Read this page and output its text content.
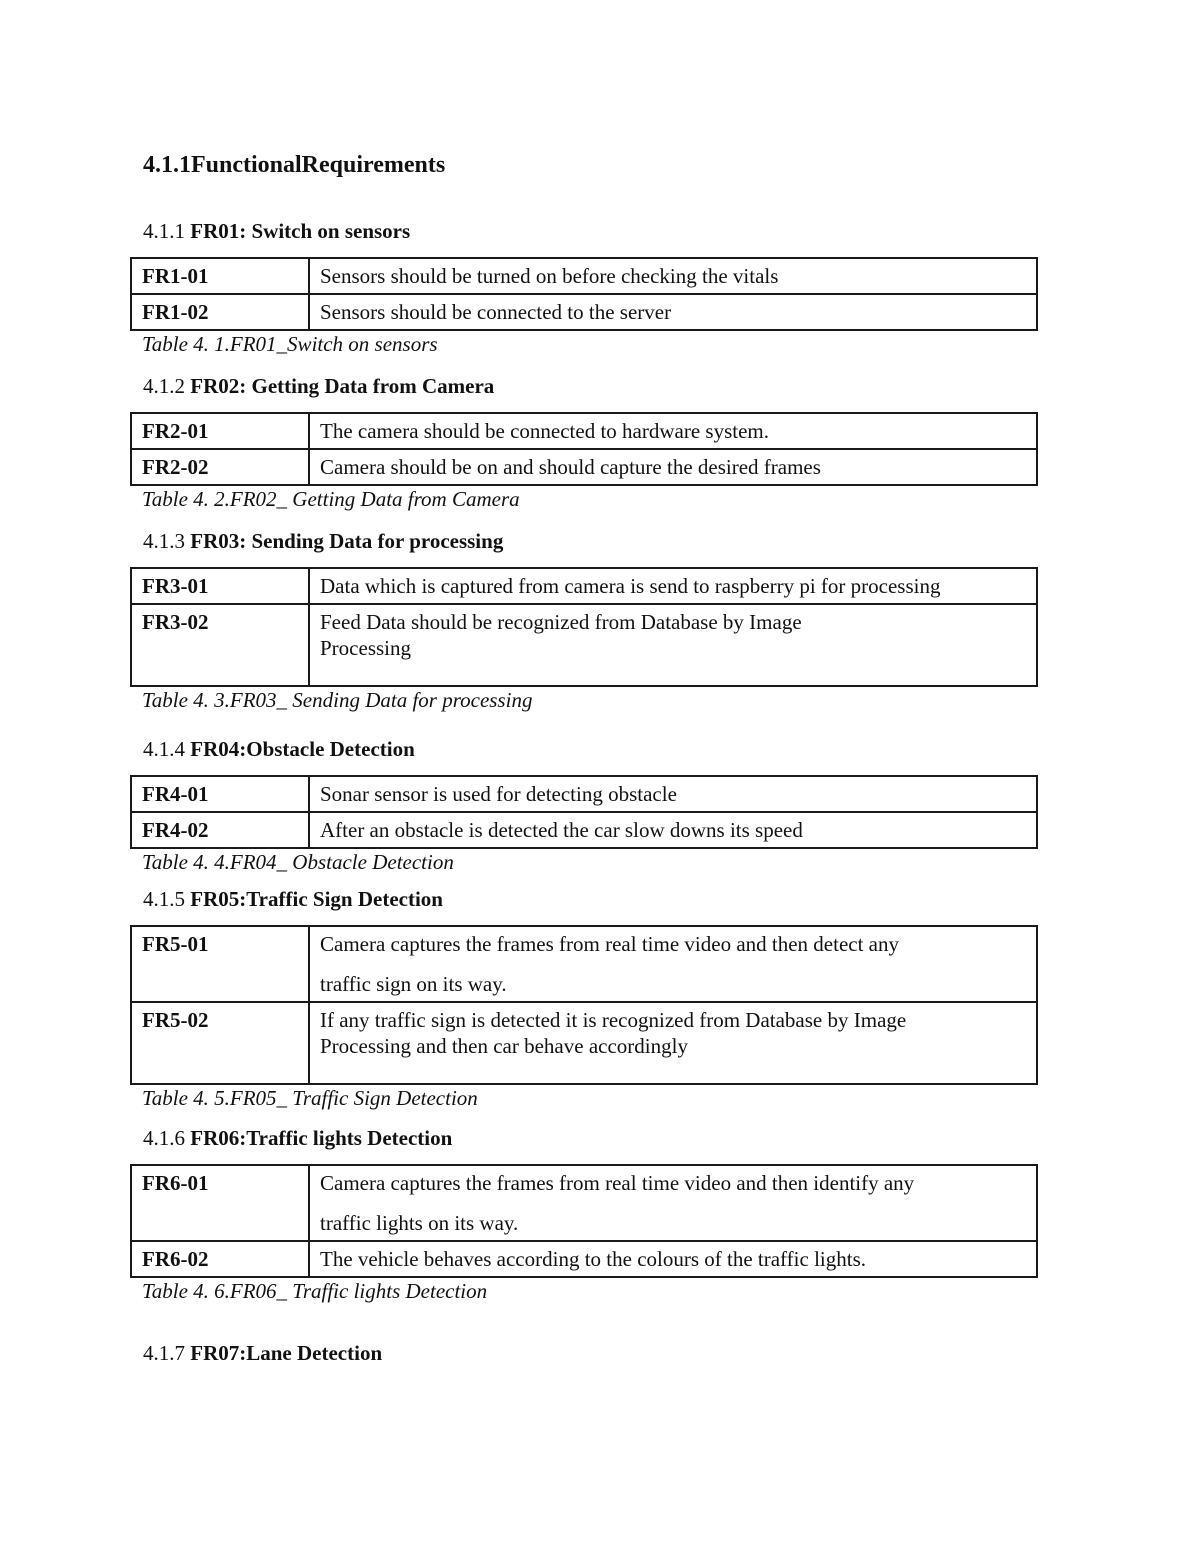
4.1.1FunctionalRequirements
4.1.1 FR01: Switch on sensors
FR1-01	Sensors should be turned on before checking the vitals
FR1-02	Sensors should be connected to the server
Table 4. 1.FR01_Switch on sensors
4.1.2 FR02: Getting Data from Camera
FR2-01	The camera should be connected to hardware system.
FR2-02	Camera should be on and should capture the desired frames
Table 4. 2.FR02_ Getting Data from Camera
4.1.3 FR03: Sending Data for processing
FR3-01	Data which is captured from camera is send to raspberry pi for processing
FR3-02	Feed Data should be recognized from Database by Image Processing
Table 4. 3.FR03_ Sending Data for processing
4.1.4 FR04:Obstacle Detection
FR4-01	Sonar sensor is used for detecting obstacle
FR4-02	After an obstacle is detected the car slow downs its speed
Table 4. 4.FR04_ Obstacle Detection
4.1.5 FR05:Traffic Sign Detection
FR5-01	Camera captures the frames from real time video and then detect any
traffic sign on its way.

FR5-02	If any traffic sign is detected it is recognized from Database by Image Processing and then car behave accordingly
Table 4. 5.FR05_ Traffic Sign Detection
4.1.6 FR06:Traffic lights Detection
FR6-01	Camera captures the frames from real time video and then identify any
traffic lights on its way.

FR6-02	The vehicle behaves according to the colours of the traffic lights.
Table 4. 6.FR06_ Traffic lights Detection
4.1.7 FR07:Lane Detection
